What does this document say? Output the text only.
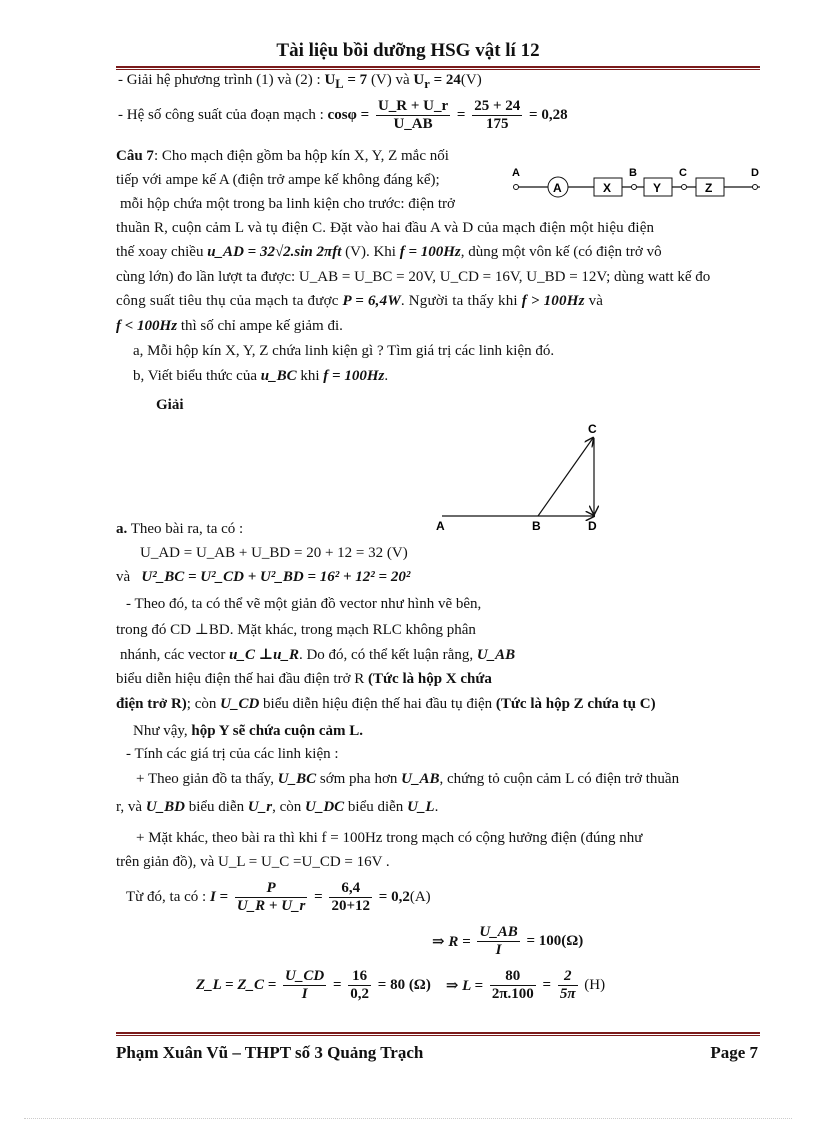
Tài liệu bồi dưỡng HSG vật lí 12
- Giải hệ phương trình (1) và (2) : $U_L = 7$ (V) và $U_r = 24(V)$
- Hệ số công suất của đoạn mạch : $\cos\varphi = \frac{U\_R + U\_r}{U\_AB} = \frac{25 + 24}{175} = 0,28$
Câu 7: Cho mạch điện gồm ba hộp kín X, Y, Z mắc nối
tiếp với ampe kế A (điện trở ampe kế không đáng kể);
mỗi hộp chứa một trong ba linh kiện cho trước: điện trở
A
A	X
B
Y
C
Z
D
thuần R, cuộn cảm L và tụ điện C. Đặt vào hai đầu A và D của mạch điện một hiệu điện
thế xoay chiều u_AD = 32√2.sin 2πft (V). Khi f = 100Hz, dùng một vôn kế (có điện trở vô
cùng lớn) đo lần lượt ta được: U_AB = U_BC = 20V, U_CD = 16V, U_BD = 12V; dùng watt kế đo
công suất tiêu thụ của mạch ta được P = 6,4W. Người ta thấy khi f > 100Hz và
f < 100Hz thì số chỉ ampe kế giảm đi.
a, Mỗi hộp kín X, Y, Z chứa linh kiện gì ? Tìm giá trị các linh kiện đó.
b, Viết biểu thức của u_BC khi f = 100Hz.
Giải
A	B
C
D
a. Theo bài ra, ta có :
U_AD = U_AB + U_BD = 20 + 12 = 32 (V)
và U²_BC = U²_CD + U²_BD = 16² + 12² = 20²
- Theo đó, ta có thể vẽ một giản đồ vector như hình vẽ bên,
trong đó CD ⊥BD. Mặt khác, trong mạch RLC không phân
nhánh, các vector u_C ⊥u_R. Do đó, có thể kết luận rằng, U_AB
biểu diễn hiệu điện thế hai đầu điện trở R (Tức là hộp X chứa
điện trở R); còn U_CD biểu diễn hiệu điện thế hai đầu tụ điện (Tức là hộp Z chứa tụ C)
Như vậy, hộp Y sẽ chứa cuộn cảm L.
- Tính các giá trị của các linh kiện :
+ Theo giản đồ ta thấy, U_BC sớm pha hơn U_AB, chứng tỏ cuộn cảm L có điện trở thuần
r, và U_BD biểu diễn U_r, còn U_DC biểu diễn U_L.
+ Mặt khác, theo bài ra thì khi f = 100Hz trong mạch có cộng hưởng điện (đúng như
trên giản đồ), và U_L = U_C =U_CD = 16V .
Từ đó, ta có : $I = \frac{P}{U\_R + U\_r} = \frac{6,4}{20+12} = 0,2(A)$
⇒ $R = \frac{U\_AB}{I} = 100(\Omega)$
Z_L = Z_C = $\frac{U\_CD}{I} = \frac{16}{0,2} = 80$ (Ω) ⇒ $L = \frac{80}{2\pi.100} = \frac{2}{5\pi} (H)$
Phạm Xuân Vũ – THPT số 3 Quảng Trạch	Page 7
